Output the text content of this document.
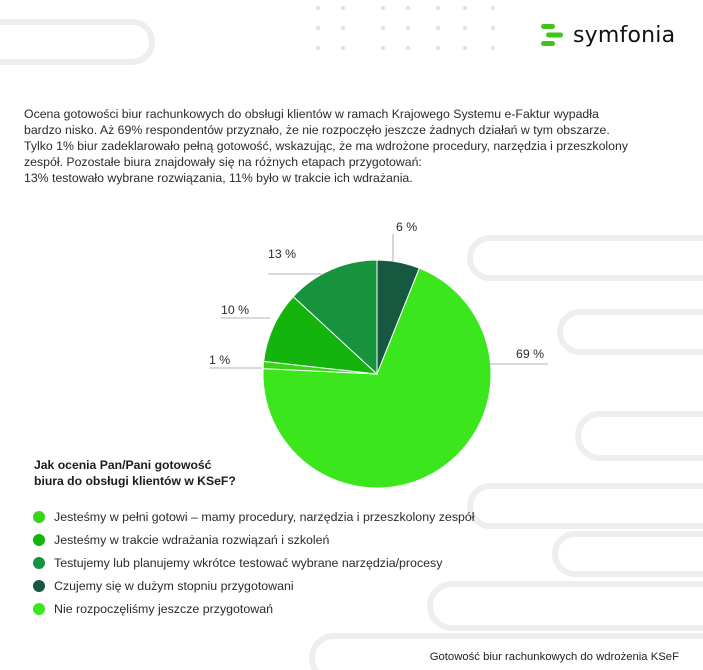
symfonia

Ocena gotowości biur rachunkowych do obsługi klientów w ramach Krajowego Systemu e-Faktur wypadła bardzo nisko. Aż 69% respondentów przyznało, że nie rozpoczęło jeszcze żadnych działań w tym obszarze. Tylko 1% biur zadeklarowało pełną gotowość, wskazując, że ma wdrożone procedury, narzędzia i przeszkolony zespół. Pozostałe biura znajdowały się na różnych etapach przygotowań:

13% testowało wybrane rozwiązania, 11% było w trakcie ich wdrażania.

6 %
69 %
1 %
10 %
13 %
Jak ocenia Pan/Pani gotowość
biura do obsługi klientów w KSeF?
Jesteśmy w pełni gotowi – mamy procedury, narzędzia i przeszkolony zespół
Jesteśmy w trakcie wdrażania rozwiązań i szkoleń
Testujemy lub planujemy wkrótce testować wybrane narzędzia/procesy
Czujemy się w dużym stopniu przygotowani
Nie rozpoczęliśmy jeszcze przygotowań
Gotowość biur rachunkowych do wdrożenia KSeF
